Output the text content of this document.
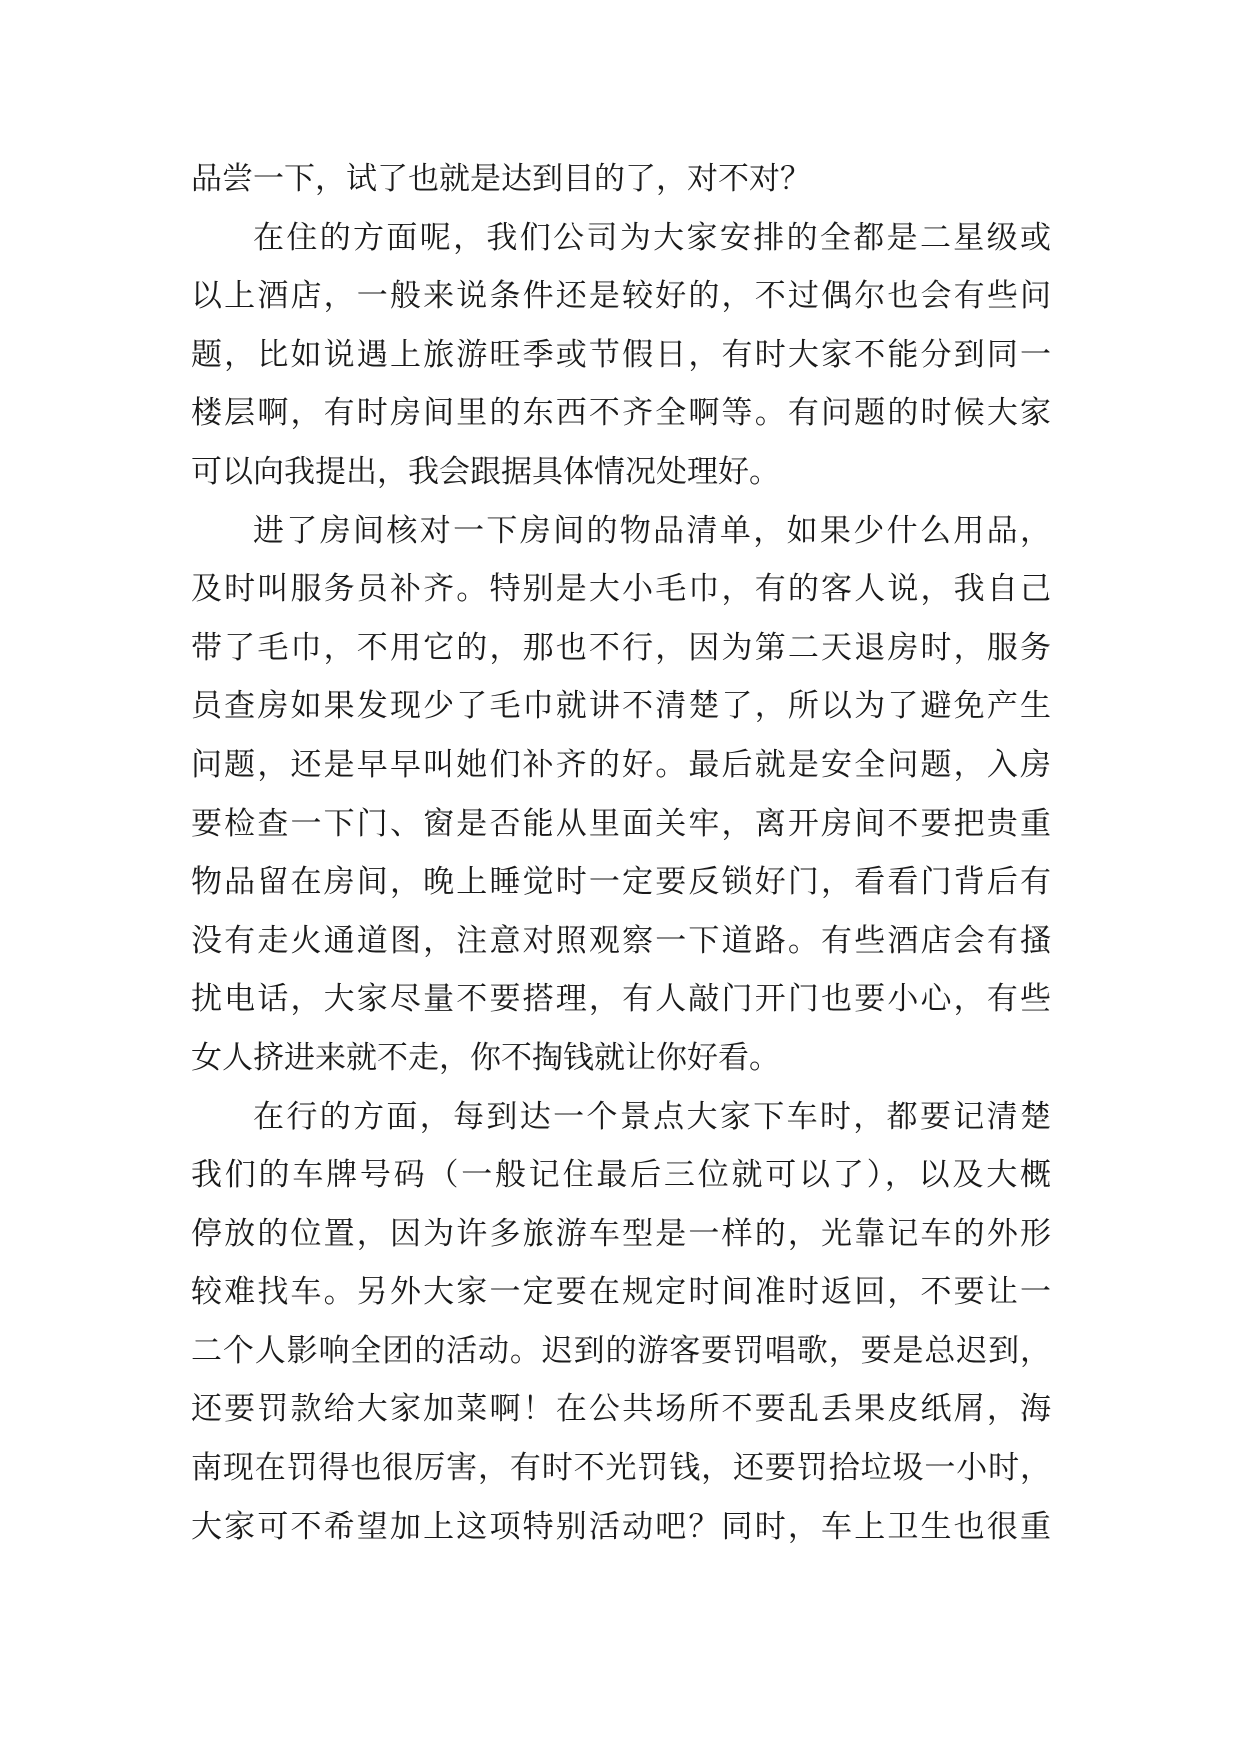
品尝一下，试了也就是达到目的了，对不对？
在住的方面呢，我们公司为大家安排的全都是二星级或
以上酒店，一般来说条件还是较好的，不过偶尔也会有些问
题，比如说遇上旅游旺季或节假日，有时大家不能分到同一
楼层啊，有时房间里的东西不齐全啊等。有问题的时候大家
可以向我提出，我会跟据具体情况处理好。
进了房间核对一下房间的物品清单，如果少什么用品，
及时叫服务员补齐。特别是大小毛巾，有的客人说，我自己
带了毛巾，不用它的，那也不行，因为第二天退房时，服务
员查房如果发现少了毛巾就讲不清楚了，所以为了避免产生
问题，还是早早叫她们补齐的好。最后就是安全问题，入房
要检查一下门、窗是否能从里面关牢，离开房间不要把贵重
物品留在房间，晚上睡觉时一定要反锁好门，看看门背后有
没有走火通道图，注意对照观察一下道路。有些酒店会有搔
扰电话，大家尽量不要搭理，有人敲门开门也要小心，有些
女人挤进来就不走，你不掏钱就让你好看。
在行的方面，每到达一个景点大家下车时，都要记清楚
我们的车牌号码（一般记住最后三位就可以了），以及大概
停放的位置，因为许多旅游车型是一样的，光靠记车的外形
较难找车。另外大家一定要在规定时间准时返回，不要让一
二个人影响全团的活动。迟到的游客要罚唱歌，要是总迟到，
还要罚款给大家加菜啊！在公共场所不要乱丢果皮纸屑，海
南现在罚得也很厉害，有时不光罚钱，还要罚拾垃圾一小时，
大家可不希望加上这项特别活动吧？同时，车上卫生也很重
